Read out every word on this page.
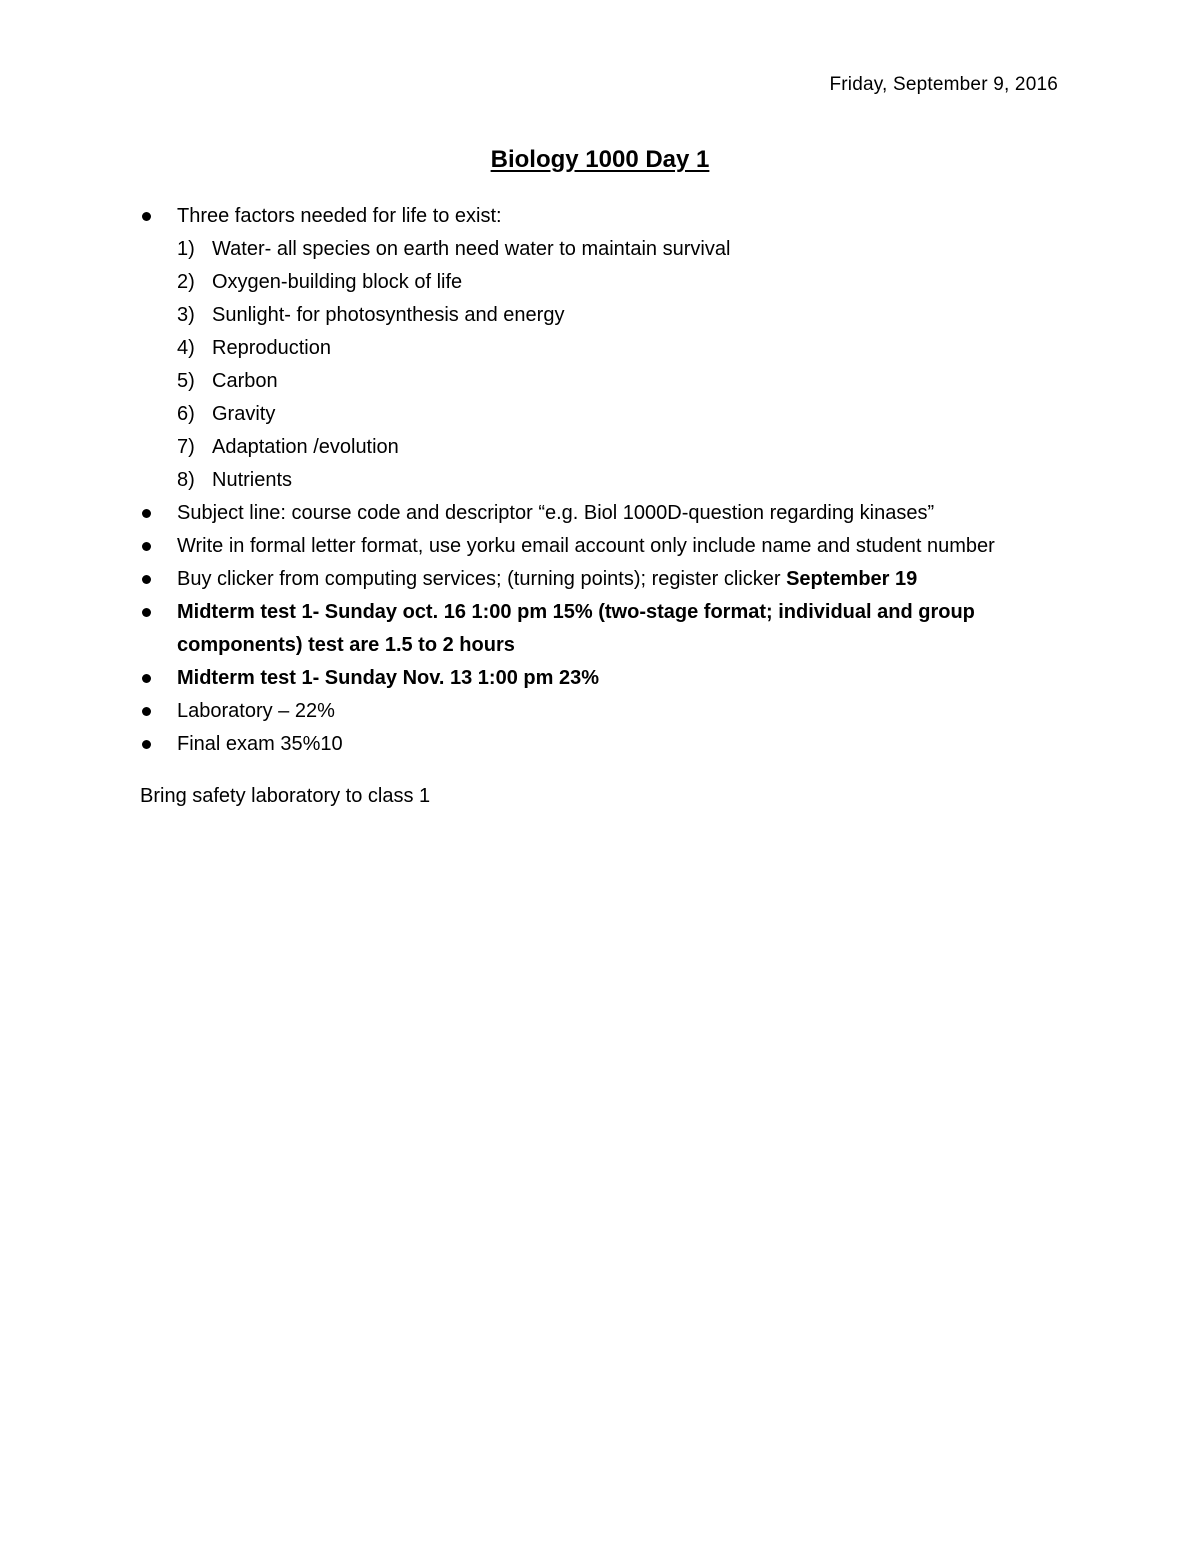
Friday, September 9, 2016
Biology 1000 Day 1
Three factors needed for life to exist:
1) Water- all species on earth need water to maintain survival
2) Oxygen-building block of life
3) Sunlight- for photosynthesis and energy
4) Reproduction
5) Carbon
6) Gravity
7) Adaptation /evolution
8) Nutrients
Subject line: course code and descriptor “e.g. Biol 1000D-question regarding kinases”
Write in formal letter format, use yorku email account only include name and student number
Buy clicker from computing services; (turning points); register clicker September 19
Midterm test 1- Sunday oct. 16 1:00 pm 15% (two-stage format; individual and group components) test are 1.5 to 2 hours
Midterm test 1- Sunday Nov. 13 1:00 pm 23%
Laboratory – 22%
Final exam 35%10
Bring safety laboratory to class 1
